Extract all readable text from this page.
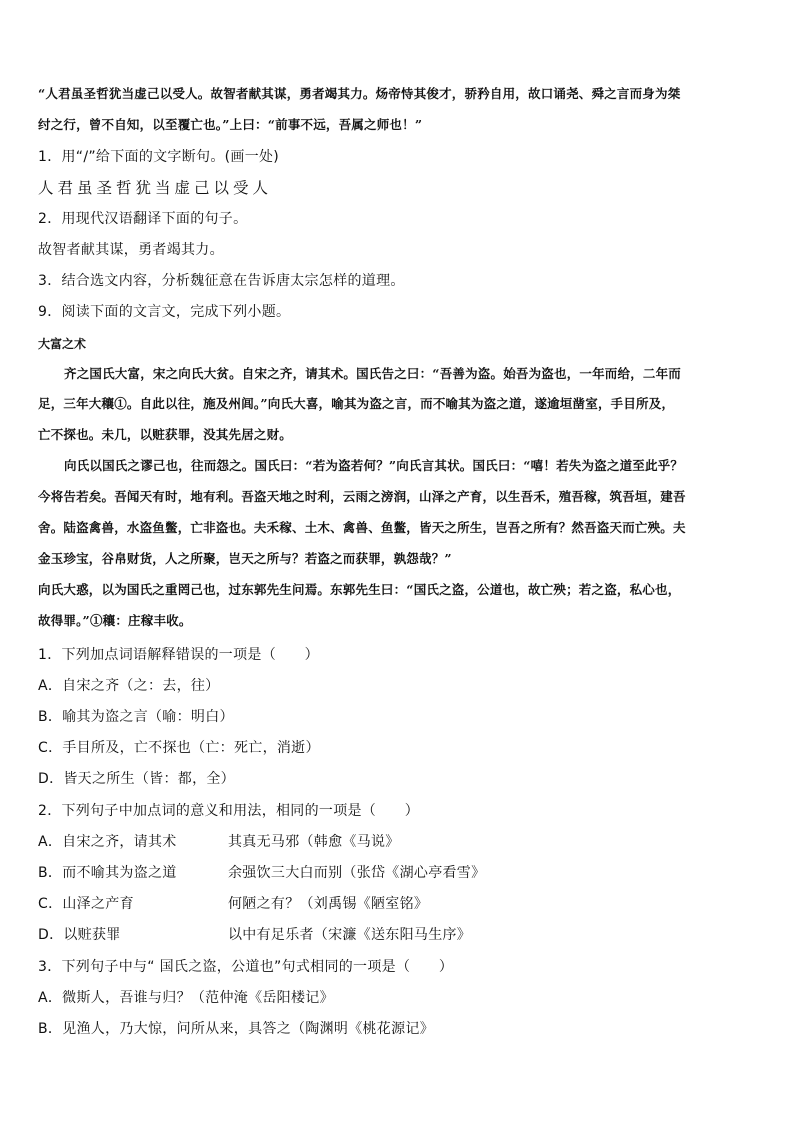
“人君虽圣哲犹当虚己以受人。故智者献其谋，勇者竭其力。炀帝恃其俊才，骄矜自用，故口诵尧、舜之言而身为桀
纣之行，曾不自知，以至覆亡也。”上曰：“前事不远，吾属之师也！”
1．用“/”给下面的文字断句。(画一处)
人君虽圣哲犹当虚己以受人
2．用现代汉语翻译下面的句子。
故智者献其谋，勇者竭其力。
3．结合选文内容，分析魏征意在告诉唐太宗怎样的道理。
9．阅读下面的文言文，完成下列小题。
大富之术
齐之国氏大富，宋之向氏大贫。自宋之齐，请其术。国氏告之曰：“吾善为盗。始吾为盗也，一年而给，二年而
足，三年大穰①。自此以往，施及州闾。”向氏大喜，喻其为盗之言，而不喻其为盗之道，遂逾垣凿室，手目所及，
亡不探也。未几，以赃获罪，没其先居之财。
向氏以国氏之谬己也，往而怨之。国氏曰：“若为盗若何？”向氏言其状。国氏曰：“嘻！若失为盗之道至此乎？
今将告若矣。吾闻天有时，地有利。吾盗天地之时利，云雨之滂润，山泽之产育，以生吾禾，殖吾稼，筑吾垣，建吾
舍。陆盗禽兽，水盗鱼鳖，亡非盗也。夫禾稼、土木、禽兽、鱼鳖，皆天之所生，岂吾之所有？然吾盗天而亡殃。夫
金玉珍宝，谷帛财货，人之所聚，岂天之所与？若盗之而获罪，孰怨哉？”
向氏大惑，以为国氏之重罔己也，过东郭先生问焉。东郭先生曰：“国氏之盗，公道也，故亡殃；若之盗，私心也，
故得罪。”①穰：庄稼丰收。
1．下列加点词语解释错误的一项是（　　）
A．自宋之齐（之：去，往）
B．喻其为盗之言（喻：明白）
C．手目所及，亡不探也（亡：死亡，消逝）
D．皆天之所生（皆：都，全）
2．下列句子中加点词的意义和用法，相同的一项是（　　）
A．自宋之齐，请其术	其真无马邪（韩愈《马说》
B．而不喻其为盗之道	余强饮三大白而别（张岱《湖心亭看雪》
C．山泽之产育	何陋之有？（刘禹锡《陋室铭》
D．以赃获罪	以中有足乐者（宋濂《送东阳马生序》
3．下列句子中与“ 国氏之盗，公道也”句式相同的一项是（　　）
A．微斯人，吾谁与归？（范仲淹《岳阳楼记》
B．见渔人，乃大惊，问所从来，具答之（陶渊明《桃花源记》
